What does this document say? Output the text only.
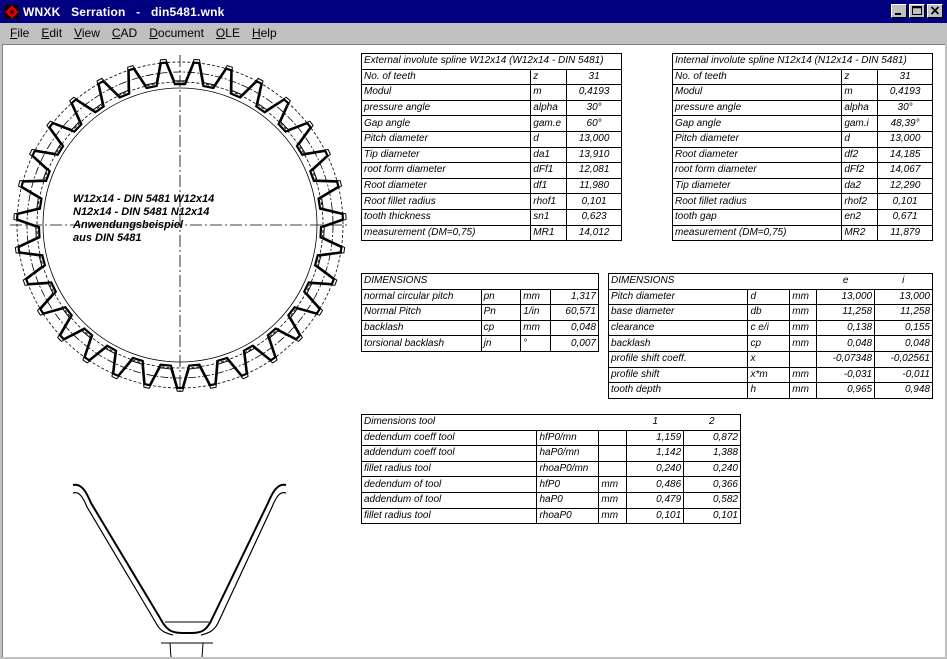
WNXK   Serration   -   din5481.wnk
File	Edit	View	CAD	Document	OLE	Help
W12x14 - DIN 5481 W12x14
N12x14 - DIN 5481 N12x14
Anwendungsbeispiel
aus DIN 5481
External involute spline W12x14 (W12x14 - DIN 5481)		
No. of teeth	z	31
Modul	m	0,4193
pressure angle	alpha	30°
Gap angle	gam.e	60°
Pitch diameter	d	13,000
Tip diameter	da1	13,910
root form diameter	dFf1	12,081
Root diameter	df1	11,980
Root fillet radius	rhof1	0,101
tooth thickness	sn1	0,623
measurement (DM=0,75)	MR1	14,012
Internal involute spline N12x14 (N12x14 - DIN 5481)		
No. of teeth	z	31
Modul	m	0,4193
pressure angle	alpha	30°
Gap angle	gam.i	48,39°
Pitch diameter	d	13,000
Root diameter	df2	14,185
root form diameter	dFf2	14,067
Tip diameter	da2	12,290
Root fillet radius	rhof2	0,101
tooth gap	en2	0,671
measurement (DM=0,75)	MR2	11,879
DIMENSIONS			
normal circular pitch	pn	mm	1,317
Normal Pitch	Pn	1/in	60,571
backlash	cp	mm	0,048
torsional backlash	jn	°	0,007
DIMENSIONS			e	i
Pitch diameter	d	mm	13,000	13,000
base diameter	db	mm	11,258	11,258
clearance	c e/i	mm	0,138	0,155
backlash	cp	mm	0,048	0,048
profile shift coeff.	x		-0,07348	-0,02561
profile shift	x*m	mm	-0,031	-0,011
tooth depth	h	mm	0,965	0,948
Dimensions tool			1	2
dedendum coeff tool	hfP0/mn		1,159	0,872
addendum coeff tool	haP0/mn		1,142	1,388
fillet radius tool	rhoaP0/mn		0,240	0,240
dedendum of tool	hfP0	mm	0,486	0,366
addendum of tool	haP0	mm	0,479	0,582
fillet radius tool	rhoaP0	mm	0,101	0,101
